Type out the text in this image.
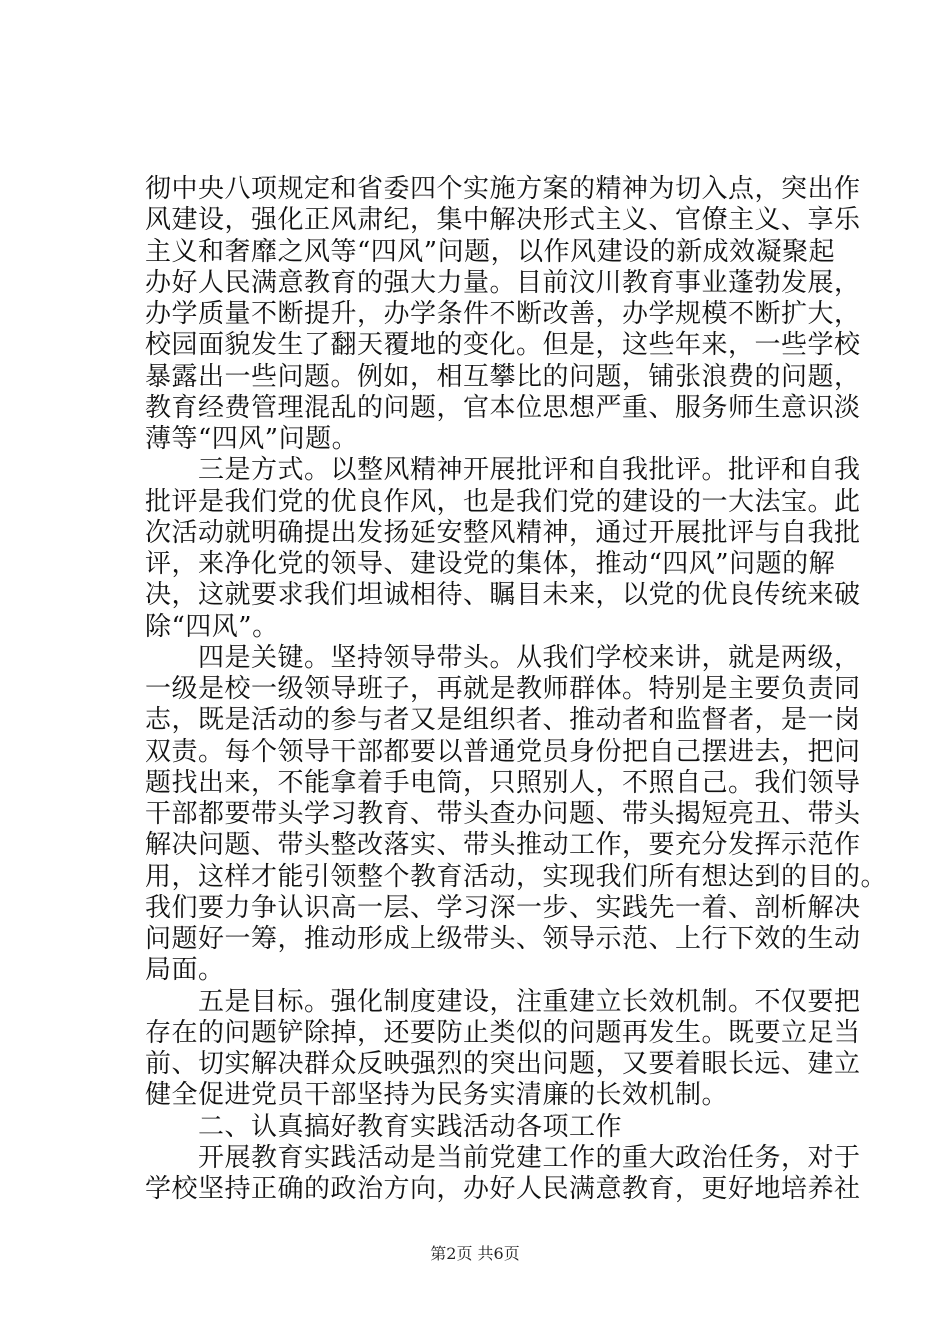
彻中央八项规定和省委四个实施方案的精神为切入点，突出作
风建设，强化正风肃纪，集中解决形式主义、官僚主义、享乐
主义和奢靡之风等“四风”问题，以作风建设的新成效凝聚起
办好人民满意教育的强大力量。目前汶川教育事业蓬勃发展，
办学质量不断提升，办学条件不断改善，办学规模不断扩大，
校园面貌发生了翻天覆地的变化。但是，这些年来，一些学校
暴露出一些问题。例如，相互攀比的问题，铺张浪费的问题，
教育经费管理混乱的问题，官本位思想严重、服务师生意识淡
薄等“四风”问题。
三是方式。以整风精神开展批评和自我批评。批评和自我
批评是我们党的优良作风，也是我们党的建设的一大法宝。此
次活动就明确提出发扬延安整风精神，通过开展批评与自我批
评，来净化党的领导、建设党的集体，推动“四风”问题的解
决，这就要求我们坦诚相待、瞩目未来，以党的优良传统来破
除“四风”。
四是关键。坚持领导带头。从我们学校来讲，就是两级，
一级是校一级领导班子，再就是教师群体。特别是主要负责同
志，既是活动的参与者又是组织者、推动者和监督者，是一岗
双责。每个领导干部都要以普通党员身份把自己摆进去，把问
题找出来，不能拿着手电筒，只照别人，不照自己。我们领导
干部都要带头学习教育、带头查办问题、带头揭短亮丑、带头
解决问题、带头整改落实、带头推动工作，要充分发挥示范作
用，这样才能引领整个教育活动，实现我们所有想达到的目的。
我们要力争认识高一层、学习深一步、实践先一着、剖析解决
问题好一筹，推动形成上级带头、领导示范、上行下效的生动
局面。
五是目标。强化制度建设，注重建立长效机制。不仅要把
存在的问题铲除掉，还要防止类似的问题再发生。既要立足当
前、切实解决群众反映强烈的突出问题，又要着眼长远、建立
健全促进党员干部坚持为民务实清廉的长效机制。
二、认真搞好教育实践活动各项工作
开展教育实践活动是当前党建工作的重大政治任务，对于
学校坚持正确的政治方向，办好人民满意教育，更好地培养社
第2页 共6页
